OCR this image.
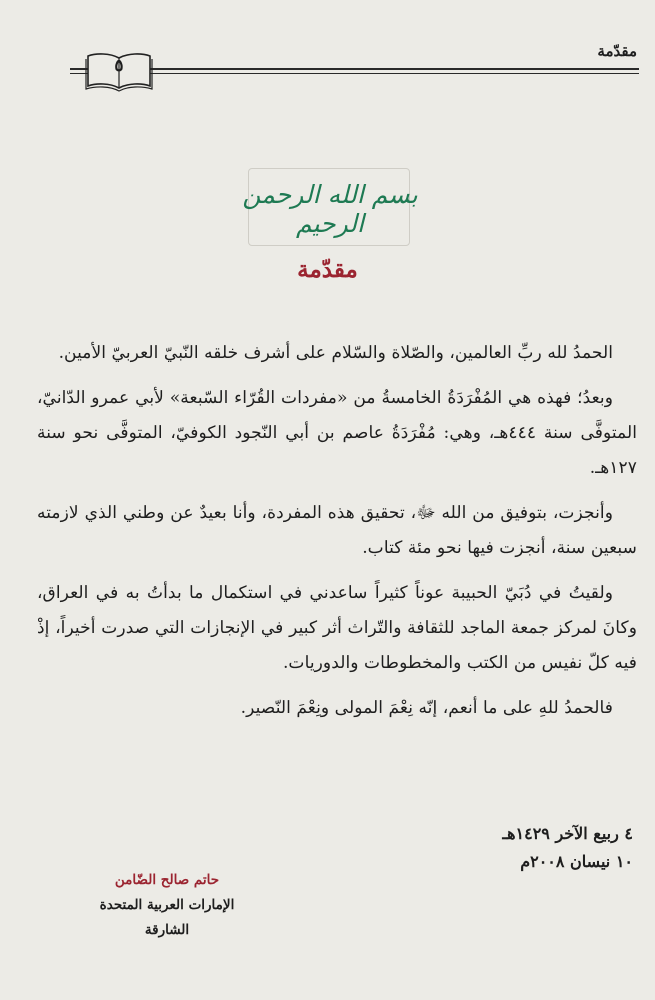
مقدّمة
٥
بسم الله الرحمن الرحيم
مقدّمة

الحمدُ لله ربِّ العالمين، والصّلاة والسّلام على أشرف خلقه النّبيّ العربيّ الأمين.

وبعدُ؛ فهذه هي المُفْرَدَةُ الخامسةُ من «مفردات القُرّاء السّبعة» لأبي عمرو الدّانيّ، المتوفَّى سنة ٤٤٤هـ، وهي: مُفْرَدَةُ عاصم بن أبي النّجود الكوفيّ، المتوفَّى نحو سنة ١٢٧هـ.

وأنجزت، بتوفيق من الله ﷻ، تحقيق هذه المفردة، وأنا بعيدٌ عن وطني الذي لازمته سبعين سنة، أنجزت فيها نحو مئة كتاب.

ولقيتُ في دُبَيّ الحبيبة عوناً كثيراً ساعدني في استكمال ما بدأتُ به في العراق، وكانَ لمركز جمعة الماجد للثقافة والتّراث أثر كبير في الإنجازات التي صدرت أخيراً، إذْ فيه كلّ نفيس من الكتب والمخطوطات والدوريات.

فالحمدُ للهِ على ما أنعم، إنّه نِعْمَ المولى ونِعْمَ النّصير.

٤ ربيع الآخر ١٤٢٩هـ
١٠ نيسان ٢٠٠٨م
حاتم صالح الضّامن
الإمارات العربية المتحدة
الشارقة
